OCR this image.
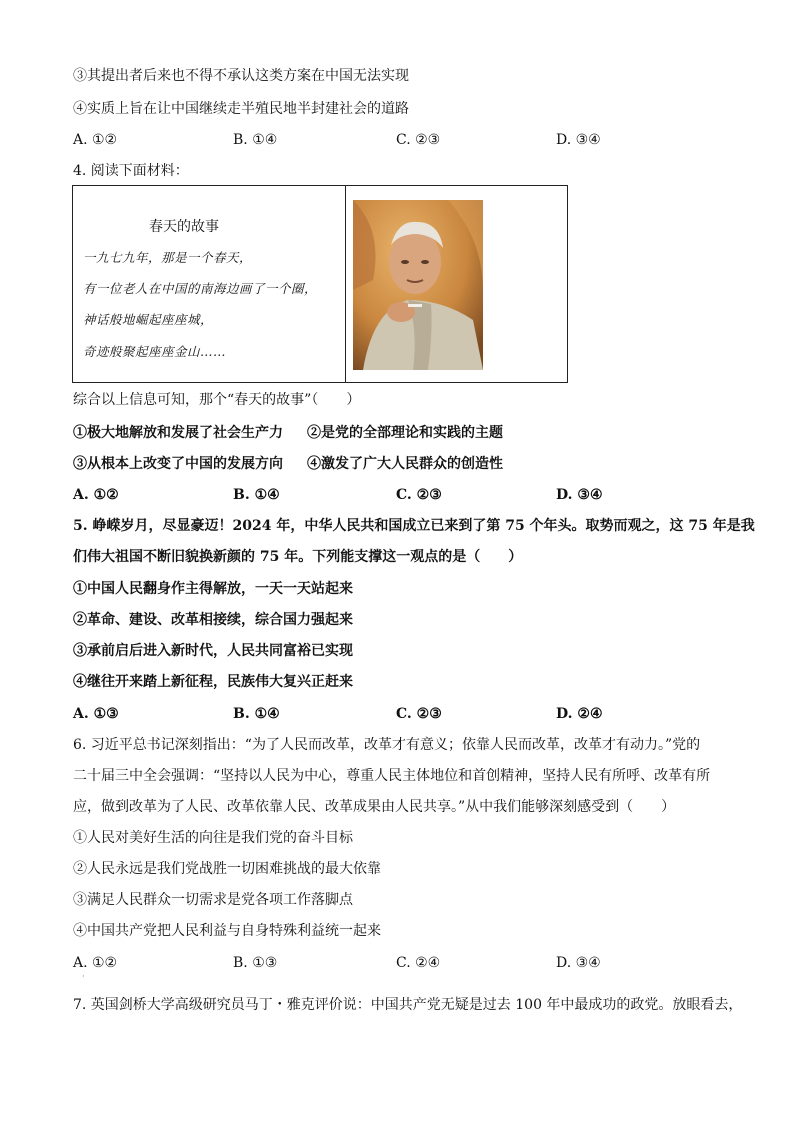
③其提出者后来也不得不承认这类方案在中国无法实现
④实质上旨在让中国继续走半殖民地半封建社会的道路
A. ①②	B. ①④	C. ②③	D. ③④
4. 阅读下面材料：
春天的故事
一九七九年，那是一个春天，
有一位老人在中国的南海边画了一个圈，
神话般地崛起座座城，
奇迹般聚起座座金山……
综合以上信息可知，那个“春天的故事”（　　）
①极大地解放和发展了社会生产力 ②是党的全部理论和实践的主题
③从根本上改变了中国的发展方向 ④激发了广大人民群众的创造性
A. ①②	B. ①④	C. ②③	D. ③④
5. 峥嵘岁月，尽显豪迈！2024 年，中华人民共和国成立已来到了第 75 个年头。取势而观之，这 75 年是我
们伟大祖国不断旧貌换新颜的 75 年。下列能支撑这一观点的是（　　）
①中国人民翻身作主得解放，一天一天站起来
②革命、建设、改革相接续，综合国力强起来
③承前启后进入新时代，人民共同富裕已实现
④继往开来踏上新征程，民族伟大复兴正赶来
A. ①③	B. ①④	C. ②③	D. ②④
6. 习近平总书记深刻指出：“为了人民而改革，改革才有意义；依靠人民而改革，改革才有动力。”党的
二十届三中全会强调：“坚持以人民为中心，尊重人民主体地位和首创精神，坚持人民有所呼、改革有所
应，做到改革为了人民、改革依靠人民、改革成果由人民共享。”从中我们能够深刻感受到（　　）
①人民对美好生活的向往是我们党的奋斗目标
②人民永远是我们党战胜一切困难挑战的最大依靠
③满足人民群众一切需求是党各项工作落脚点
④中国共产党把人民利益与自身特殊利益统一起来
A. ①②	B. ①③	C. ②④	D. ③④
·
7. 英国剑桥大学高级研究员马丁・雅克评价说：中国共产党无疑是过去 100 年中最成功的政党。放眼看去，
